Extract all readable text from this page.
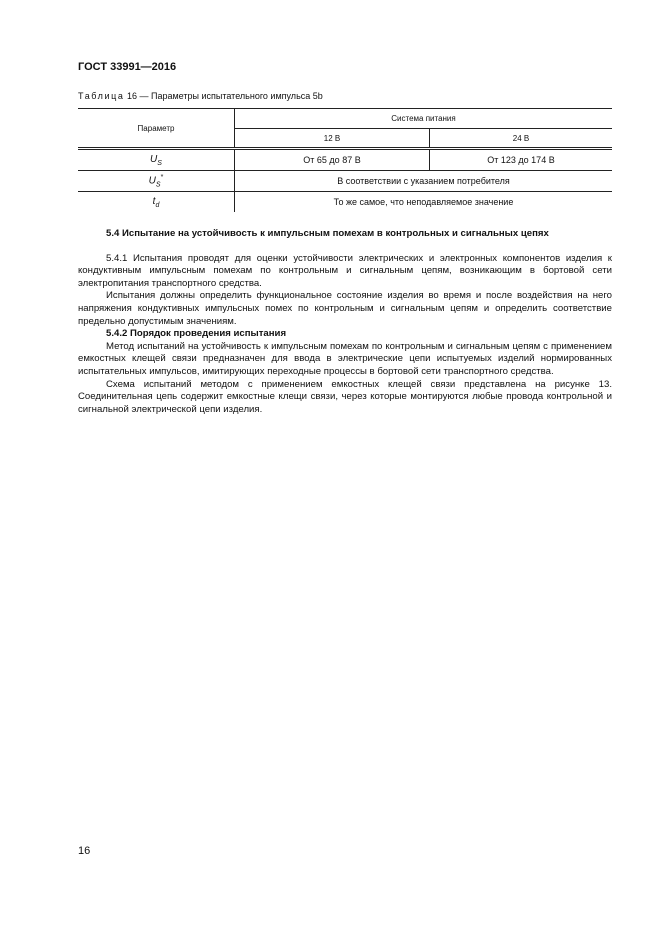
ГОСТ 33991—2016
Таблица 16 — Параметры испытательного импульса 5b
Параметр	Система питания	
	12 В	24 В
$U_S$	От 65 до 87 В	От 123 до 174 В
$U_S^*$	В соответствии с указанием потребителя	
$t_d$	То же самое, что неподавляемое значение	

5.4 Испытание на устойчивость к импульсным помехам в контрольных и сигнальных цепях

5.4.1 Испытания проводят для оценки устойчивости электрических и электронных компонентов изделия к кондуктивным импульсным помехам по контрольным и сигнальным цепям, возникающим в бортовой сети электропитания транспортного средства.

Испытания должны определить функциональное состояние изделия во время и после воздействия на него напряжения кондуктивных импульсных помех по контрольным и сигнальным цепям и определить соответствие предельно допустимым значениям.

5.4.2 Порядок проведения испытания

Метод испытаний на устойчивость к импульсным помехам по контрольным и сигнальным цепям с применением емкостных клещей связи предназначен для ввода в электрические цепи испытуемых изделий нормированных испытательных импульсов, имитирующих переходные процессы в бортовой сети транспортного средства.

Схема испытаний методом с применением емкостных клещей связи представлена на рисунке 13. Соединительная цепь содержит емкостные клещи связи, через которые монтируются любые провода контрольной и сигнальной электрической цепи изделия.

16
